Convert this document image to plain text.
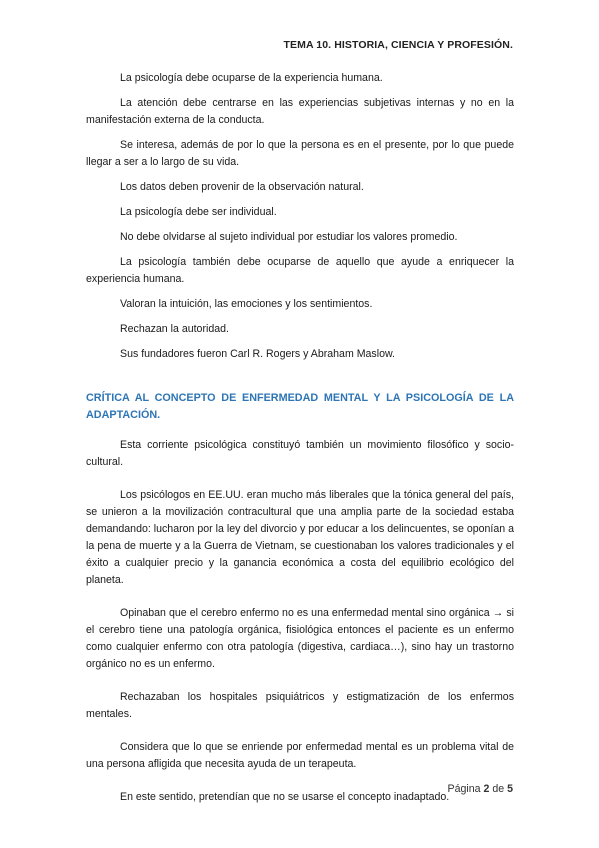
TEMA 10. HISTORIA, CIENCIA Y PROFESIÓN.

La psicología debe ocuparse de la experiencia humana.

La atención debe centrarse en las experiencias subjetivas internas y no en la manifestación externa de la conducta.

Se interesa, además de por lo que la persona es en el presente, por lo que puede llegar a ser a lo largo de su vida.

Los datos deben provenir de la observación natural.

La psicología debe ser individual.

No debe olvidarse al sujeto individual por estudiar los valores promedio.

La psicología también debe ocuparse de aquello que ayude a enriquecer la experiencia humana.

Valoran la intuición, las emociones y los sentimientos.

Rechazan la autoridad.

Sus fundadores fueron Carl R. Rogers y Abraham Maslow.

CRÍTICA AL CONCEPTO DE ENFERMEDAD MENTAL Y LA PSICOLOGÍA DE LA ADAPTACIÓN.

Esta corriente psicológica constituyó también un movimiento filosófico y socio-cultural.

Los psicólogos en EE.UU. eran mucho más liberales que la tónica general del país, se unieron a la movilización contracultural que una amplia parte de la sociedad estaba demandando: lucharon por la ley del divorcio y por educar a los delincuentes, se oponían a la pena de muerte y a la Guerra de Vietnam, se cuestionaban los valores tradicionales y el éxito a cualquier precio y la ganancia económica a costa del equilibrio ecológico del planeta.

Opinaban que el cerebro enfermo no es una enfermedad mental sino orgánica → si el cerebro tiene una patología orgánica, fisiológica entonces el paciente es un enfermo como cualquier enfermo con otra patología (digestiva, cardiaca…), sino hay un trastorno orgánico no es un enfermo.

Rechazaban los hospitales psiquiátricos y estigmatización de los enfermos mentales.

Considera que lo que se enriende por enfermedad mental es un problema vital de una persona afligida que necesita ayuda de un terapeuta.

En este sentido, pretendían que no se usarse el concepto inadaptado.

Página 2 de 5
